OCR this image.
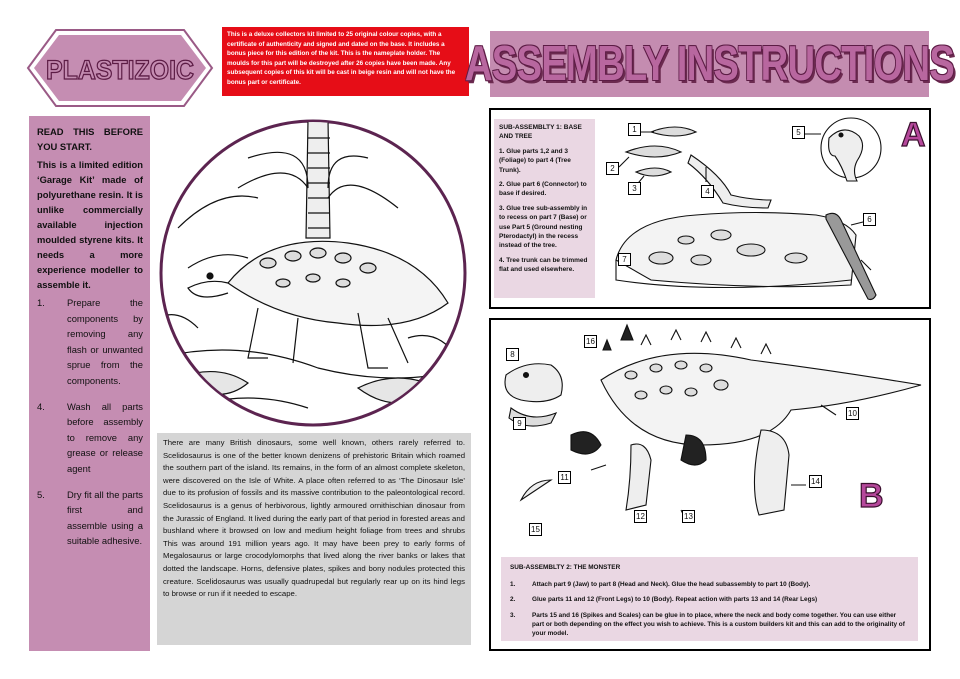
PLASTIZOIC
This is a deluxe collectors kit limited to 25 original colour copies, with a certificate of authenticity and signed and dated on the base. It includes a bonus piece for this edition of the kit. This is the nameplate holder. The moulds for this part will be destroyed after 26 copies have been made. Any subsequent copies of this kit will be cast in beige resin and will not have the bonus part or certificate.	ASSEMBLY INSTRUCTIONS

READ THIS BEFORE YOU START.

This is a limited edition ‘Garage Kit’ made of polyurethane resin. It is unlike commercially available injection moulded styrene kits. It needs a more experience modeller to assemble it.

1.	Prepare the components by removing any flash or unwanted sprue from the components.
4.	Wash all parts before assembly to remove any grease or release agent
5.	Dry fit all the parts first and assemble using a suitable adhesive.
There are many British dinosaurs, some well known, others rarely referred to. Scelidosaurus is one of the better known denizens of prehistoric Britain which roamed the southern part of the island. Its remains, in the form of an almost complete skeleton, were discovered on the Isle of White. A place often referred to as ‘The Dinosaur Isle’ due to its profusion of fossils and its massive contribution to the paleontological record. Scelidosaurus is a genus of herbivorous, lightly armoured ornithischian dinosaur from the Jurassic of England. It lived during the early part of that period in forested areas and bushland where it browsed on low and medium height foliage from trees and shrubs This was around 191 million years ago. It may have been prey to early forms of Megalosaurus or large crocodylomorphs that lived along the river banks or lakes that dotted the landscape. Horns, defensive plates, spikes and bony nodules protected this creature. Scelidosaurus was usually quadrupedal but regularly rear up on its hind legs to browse or run if it needed to escape.
1
2
3	4
5
6
7
A

SUB-ASSEMBLTY 1: BASE AND TREE

1. Glue parts 1,2 and 3 (Foliage) to part 4 (Tree Trunk).

2. Glue part 6 (Connector) to base if desired.

3. Glue tree sub-assembly in to recess on part 7 (Base) or use Part 5 (Ground nesting Pterodactyl) in the recess instead of the tree.

4. Tree trunk can be trimmed flat and used elsewhere.

8
9
10
11
12	13
14
15
16
B
SUB-ASSEMBLTY 2: THE MONSTER
1.	Attach part 9 (Jaw) to part 8 (Head and Neck). Glue the head subassembly to part 10 (Body).
2.	Glue parts 11 and 12 (Front Legs) to 10 (Body). Repeat action with parts 13 and 14 (Rear Legs)
3.	Parts 15 and 16 (Spikes and Scales) can be glue in to place, where the neck and body come together. You can use either part or both depending on the effect you wish to achieve. This is a custom builders kit and this can add to the originality of your model.
